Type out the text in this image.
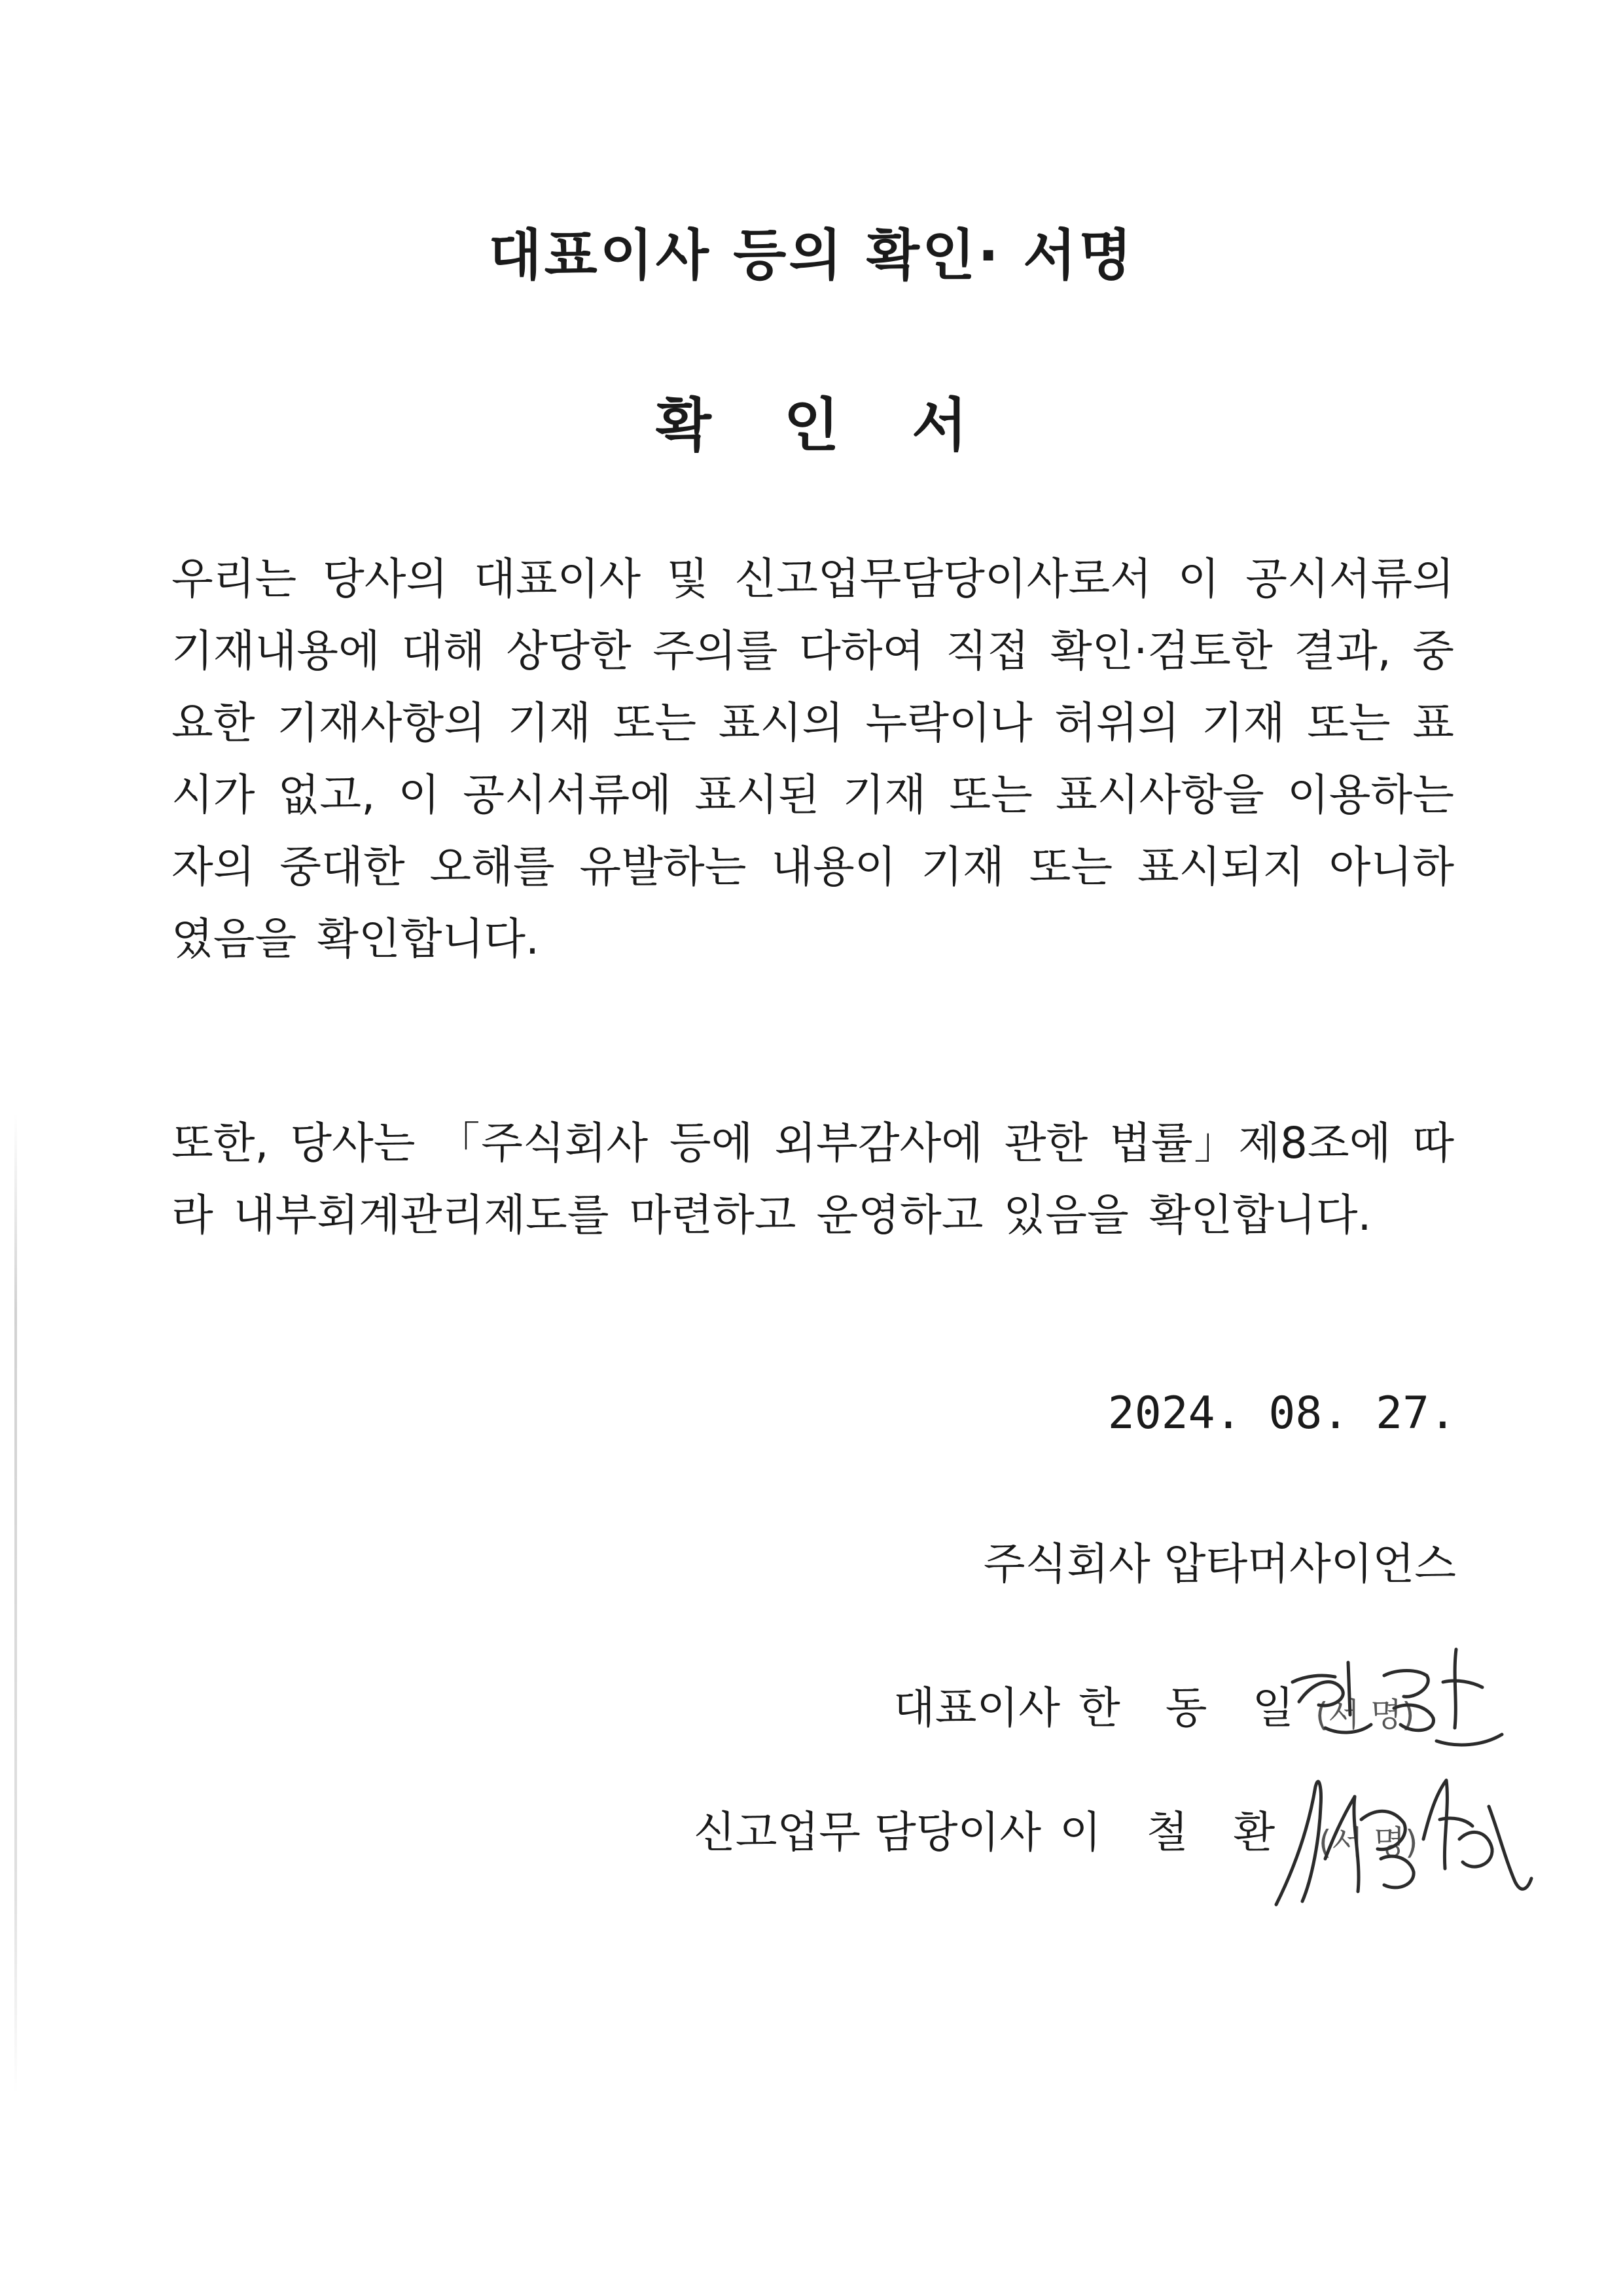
대표이사 등의 확인· 서명
확 인 서

우리는 당사의 대표이사 및 신고업무담당이사로서 이 공시서류의 기재내용에 대해 상당한 주의를 다하여 직접 확인·검토한 결과, 중요한 기재사항의 기재 또는 표시의 누락이나 허위의 기재 또는 표시가 없고, 이 공시서류에 표시된 기재 또는 표시사항을 이용하는 자의 중대한 오해를 유발하는 내용이 기재 또는 표시되지 아니하였음을 확인합니다.

또한, 당사는 「주식회사 등에 외부감사에 관한 법률」제8조에 따라 내부회계관리제도를 마련하고 운영하고 있음을 확인합니다.

2024. 08. 27.
주식회사 압타머사이언스
대표이사 한 동 일 (서 명)
신고업무 담당이사 이 철 환 (서 명)
